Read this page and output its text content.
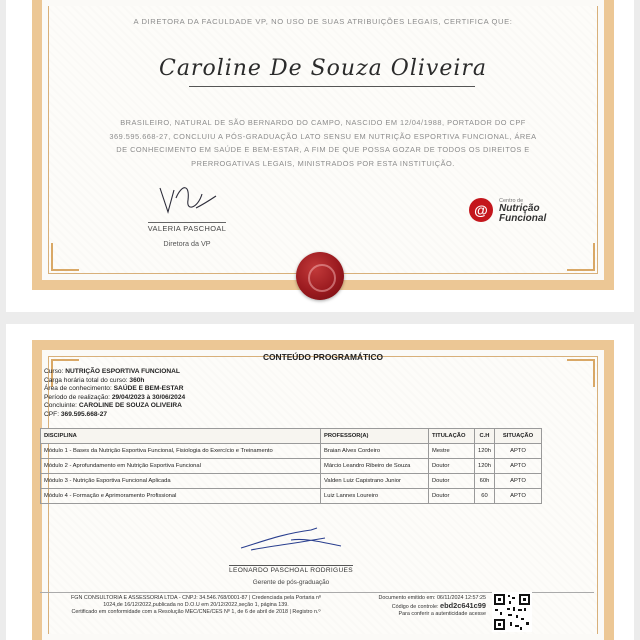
A DIRETORA DA FACULDADE VP, NO USO DE SUAS ATRIBUIÇÕES LEGAIS, CERTIFICA QUE:
Caroline De Souza Oliveira
BRASILEIRO, NATURAL DE SÃO BERNARDO DO CAMPO, NASCIDO EM 12/04/1988, PORTADOR DO CPF 369.595.668-27, CONCLUIU A PÓS-GRADUAÇÃO LATO SENSU EM NUTRIÇÃO ESPORTIVA FUNCIONAL, ÁREA DE CONHECIMENTO EM SAÚDE E BEM-ESTAR, A FIM DE QUE POSSA GOZAR DE TODOS OS DIREITOS E PRERROGATIVAS LEGAIS, MINISTRADOS POR ESTA INSTITUIÇÃO.
VALERIA PASCHOAL
Diretora da VP
@
Centro de
Nutrição
Funcional
CONTEÚDO PROGRAMÁTICO
Curso: NUTRIÇÃO ESPORTIVA FUNCIONAL
Carga horária total do curso: 360h
Área de conhecimento: SAÚDE E BEM-ESTAR
Período de realização: 29/04/2023 à 30/06/2024
Concluinte: CAROLINE DE SOUZA OLIVEIRA
CPF: 369.595.668-27
DISCIPLINA	PROFESSOR(A)	TITULAÇÃO	C.H	SITUAÇÃO
Módulo 1 - Bases da Nutrição Esportiva Funcional, Fisiologia do Exercício e Treinamento	Braian Alves Cordeiro	Mestre	120h	APTO
Módulo 2 - Aprofundamento em Nutrição Esportiva Funcional	Márcio Leandro Ribeiro de Souza	Doutor	120h	APTO
Módulo 3 - Nutrição Esportiva Funcional Aplicada	Valden Luiz Capistrano Junior	Doutor	60h	APTO
Módulo 4 - Formação e Aprimoramento Profissional	Luiz Lannes Loureiro	Doutor	60	APTO
LEONARDO PASCHOAL RODRIGUES
Gerente de pós-graduação
FGN CONSULTORIA E ASSESSORIA LTDA - CNPJ: 34.546.768/0001-87 | Credenciada pela Portaria nº
1024,de 16/12/2022,publicada no D.O.U em 20/12/2022,seção 1, página 139.
Certificado em conformidade com a Resolução MEC/CNE/CES Nº 1, de 6 de abril de 2018 | Registro n.º
Documento emitido em: 06/11/2024 12:57:25
Código de controle: ebd2c641c99
Para conferir a autenticidade acesse
